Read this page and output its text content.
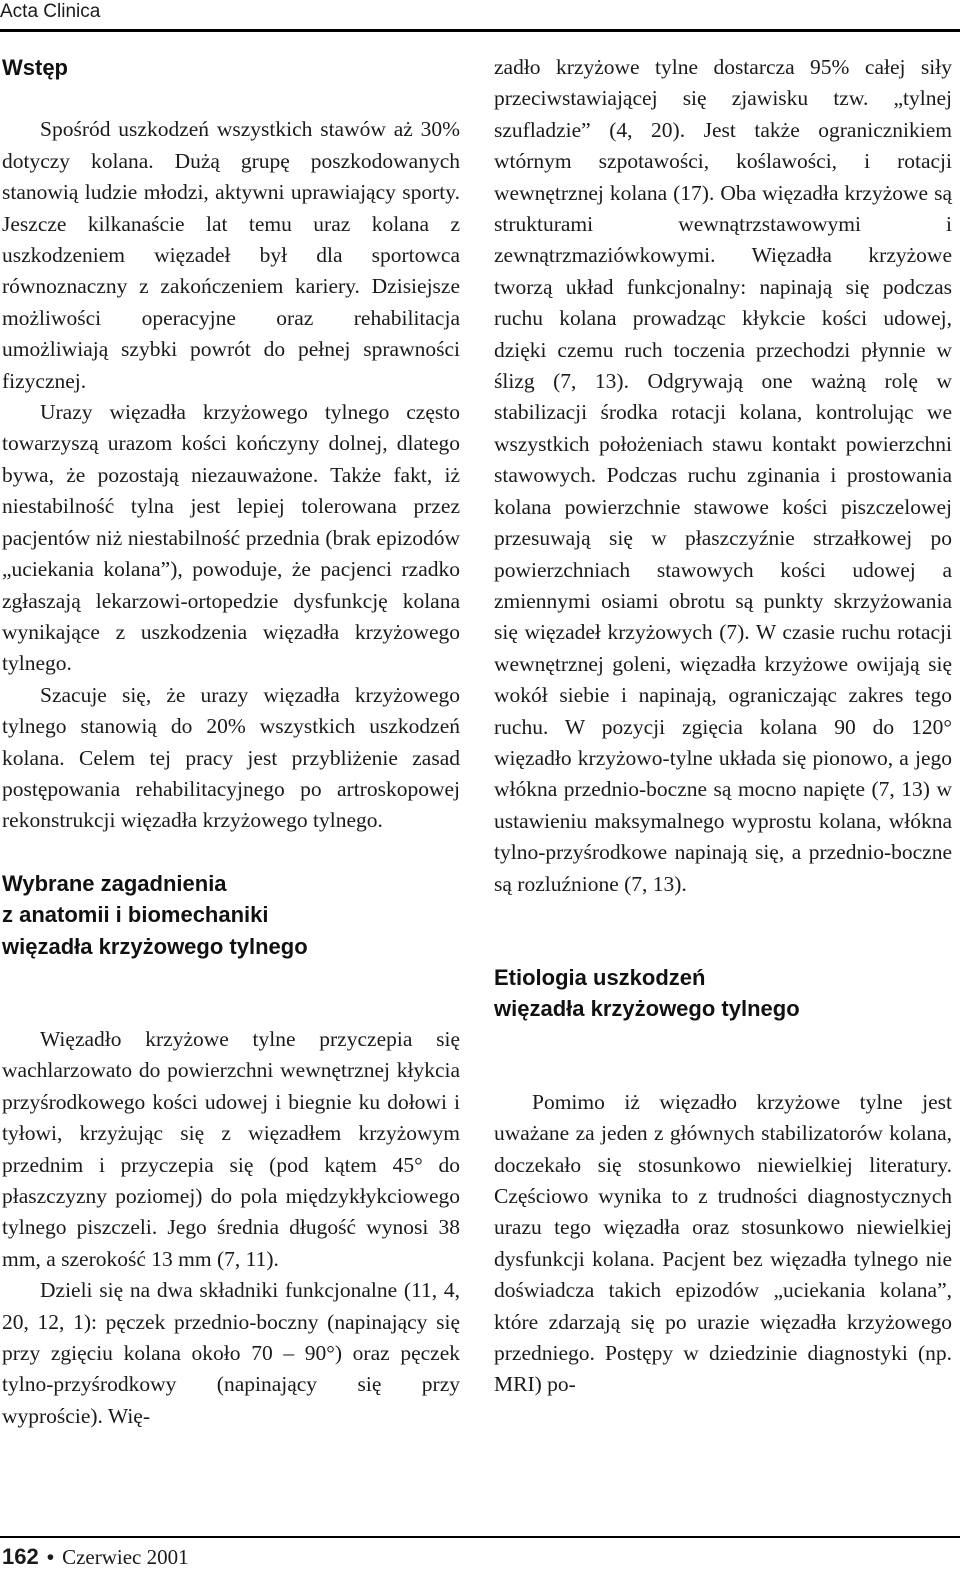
Acta Clinica
Wstęp

Spośród uszkodzeń wszystkich stawów aż 30% dotyczy kolana. Dużą grupę poszkodowanych stanowią ludzie młodzi, aktywni uprawiający sporty. Jeszcze kilkanaście lat temu uraz kolana z uszkodzeniem więzadeł był dla sportowca równoznaczny z zakończeniem kariery. Dzisiejsze możliwości operacyjne oraz rehabilitacja umożliwiają szybki powrót do pełnej sprawności fizycznej.

Urazy więzadła krzyżowego tylnego często towarzyszą urazom kości kończyny dolnej, dlatego bywa, że pozostają niezauważone. Także fakt, iż niestabilność tylna jest lepiej tolerowana przez pacjentów niż niestabilność przednia (brak epizodów „uciekania kolana”), powoduje, że pacjenci rzadko zgłaszają lekarzowi-ortopedzie dysfunkcję kolana wynikające z uszkodzenia więzadła krzyżowego tylnego.

Szacuje się, że urazy więzadła krzyżowego tylnego stanowią do 20% wszystkich uszkodzeń kolana. Celem tej pracy jest przybliżenie zasad postępowania rehabilitacyjnego po artroskopowej rekonstrukcji więzadła krzyżowego tylnego.

Wybrane zagadnienia
z anatomii i biomechaniki
więzadła krzyżowego tylnego

Więzadło krzyżowe tylne przyczepia się wachlarzowato do powierzchni wewnętrznej kłykcia przyśrodkowego kości udowej i biegnie ku dołowi i tyłowi, krzyżując się z więzadłem krzyżowym przednim i przyczepia się (pod kątem 45° do płaszczyzny poziomej) do pola międzykłykciowego tylnego piszczeli. Jego średnia długość wynosi 38 mm, a szerokość 13 mm (7, 11).

Dzieli się na dwa składniki funkcjonalne (11, 4, 20, 12, 1): pęczek przednio-boczny (napinający się przy zgięciu kolana około 70 – 90°) oraz pęczek tylno-przyśrodkowy (napinający się przy wyproście). Wię-

zadło krzyżowe tylne dostarcza 95% całej siły przeciwstawiającej się zjawisku tzw. „tylnej szufladzie” (4, 20). Jest także ogranicznikiem wtórnym szpotawości, koślawości, i rotacji wewnętrznej kolana (17). Oba więzadła krzyżowe są strukturami wewnątrzstawowymi i zewnątrzmaziówkowymi. Więzadła krzyżowe tworzą układ funkcjonalny: napinają się podczas ruchu kolana prowadząc kłykcie kości udowej, dzięki czemu ruch toczenia przechodzi płynnie w ślizg (7, 13). Odgrywają one ważną rolę w stabilizacji środka rotacji kolana, kontrolując we wszystkich położeniach stawu kontakt powierzchni stawowych. Podczas ruchu zginania i prostowania kolana powierzchnie stawowe kości piszczelowej przesuwają się w płaszczyźnie strzałkowej po powierzchniach stawowych kości udowej a zmiennymi osiami obrotu są punkty skrzyżowania się więzadeł krzyżowych (7). W czasie ruchu rotacji wewnętrznej goleni, więzadła krzyżowe owijają się wokół siebie i napinają, ograniczając zakres tego ruchu. W pozycji zgięcia kolana 90 do 120° więzadło krzyżowo-tylne układa się pionowo, a jego włókna przednio-boczne są mocno napięte (7, 13) w ustawieniu maksymalnego wyprostu kolana, włókna tylno-przyśrodkowe napinają się, a przednio-boczne są rozluźnione (7, 13).

Etiologia uszkodzeń
więzadła krzyżowego tylnego

Pomimo iż więzadło krzyżowe tylne jest uważane za jeden z głównych stabilizatorów kolana, doczekało się stosunkowo niewielkiej literatury. Częściowo wynika to z trudności diagnostycznych urazu tego więzadła oraz stosunkowo niewielkiej dysfunkcji kolana. Pacjent bez więzadła tylnego nie doświadcza takich epizodów „uciekania kolana”, które zdarzają się po urazie więzadła krzyżowego przedniego. Postępy w dziedzinie diagnostyki (np. MRI) po-

162 • Czerwiec 2001
